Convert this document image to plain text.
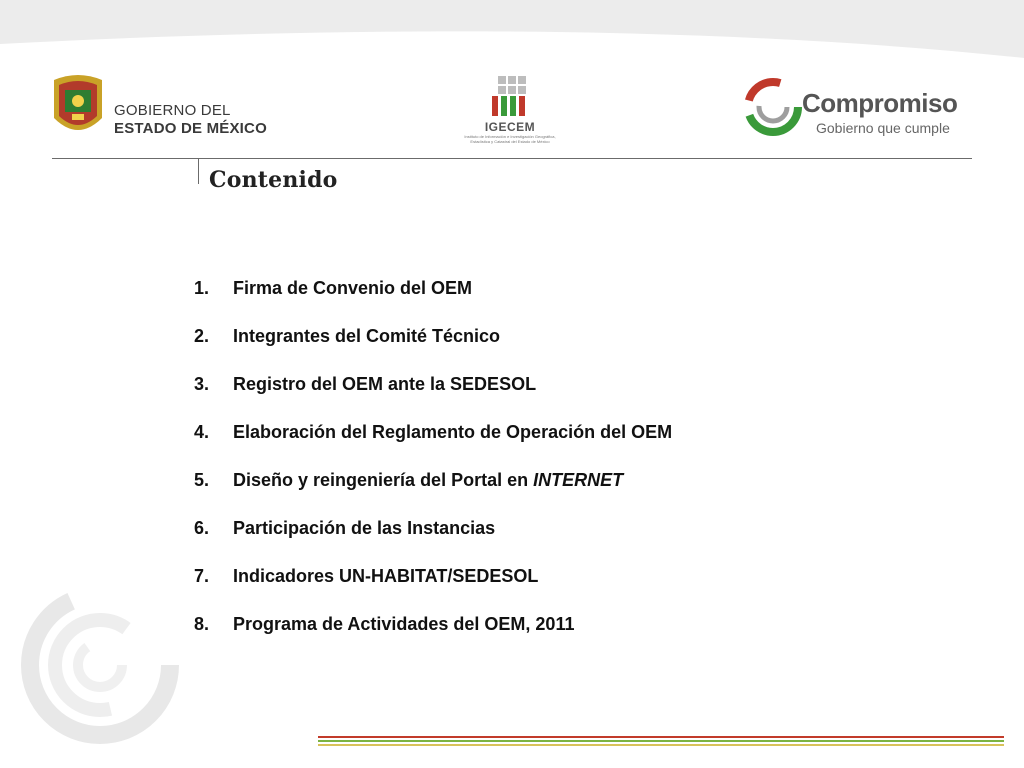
GOBIERNO DEL
ESTADO DE MÉXICO	IGECEM
Instituto de Información e Investigación Geográfica,
Estadística y Catastral del Estado de México
Compromiso
Gobierno que cumple
Contenido
1.	Firma de Convenio del OEM
2.	Integrantes del Comité Técnico
3.	Registro del OEM ante la SEDESOL
4.	Elaboración del Reglamento de Operación del OEM
5.	Diseño y reingeniería del Portal en INTERNET
6.	Participación de las Instancias
7.	Indicadores UN-HABITAT/SEDESOL
8.	Programa de Actividades del OEM, 2011
